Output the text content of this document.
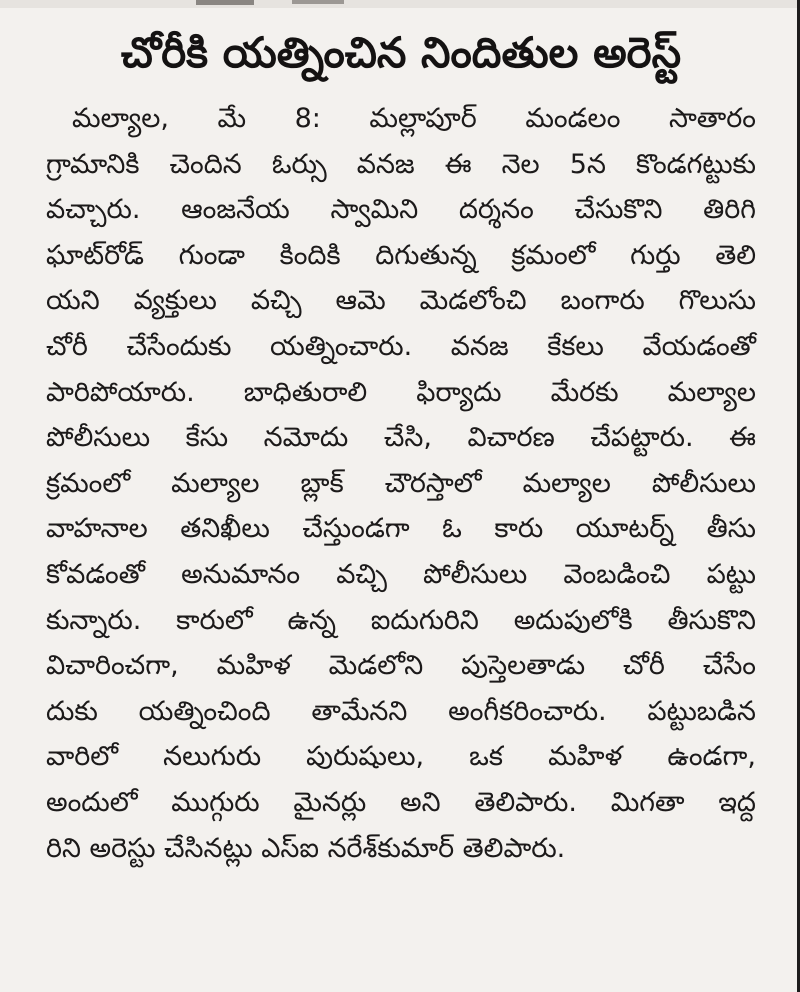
చోరీకి యత్నించిన నిందితుల అరెస్ట్
మల్యాల, మే 8: మల్లాపూర్ మండలం సాతారం
గ్రామానికి చెందిన ఓర్సు వనజ ఈ నెల 5న కొండగట్టుకు
వచ్చారు. ఆంజనేయ స్వామిని దర్శనం చేసుకొని తిరిగి
ఘాట్‌రోడ్ గుండా కిందికి దిగుతున్న క్రమంలో గుర్తు తెలి
యని వ్యక్తులు వచ్చి ఆమె మెడలోంచి బంగారు గొలుసు
చోరీ చేసేందుకు యత్నించారు. వనజ కేకలు వేయడంతో
పారిపోయారు. బాధితురాలి ఫిర్యాదు మేరకు మల్యాల
పోలీసులు కేసు నమోదు చేసి, విచారణ చేపట్టారు. ఈ
క్రమంలో మల్యాల బ్లాక్ చౌరస్తాలో మల్యాల పోలీసులు
వాహనాల తనిఖీలు చేస్తుండగా ఓ కారు యూటర్న్ తీసు
కోవడంతో అనుమానం వచ్చి పోలీసులు వెంబడించి పట్టు
కున్నారు. కారులో ఉన్న ఐదుగురిని అదుపులోకి తీసుకొని
విచారించగా, మహిళ మెడలోని పుస్తెలతాడు చోరీ చేసేం
దుకు యత్నించింది తామేనని అంగీకరించారు. పట్టుబడిన
వారిలో నలుగురు పురుషులు, ఒక మహిళ ఉండగా,
అందులో ముగ్గురు మైనర్లు అని తెలిపారు. మిగతా ఇద్ద
రిని అరెస్టు చేసినట్లు ఎస్ఐ నరేశ్‌కుమార్ తెలిపారు.
